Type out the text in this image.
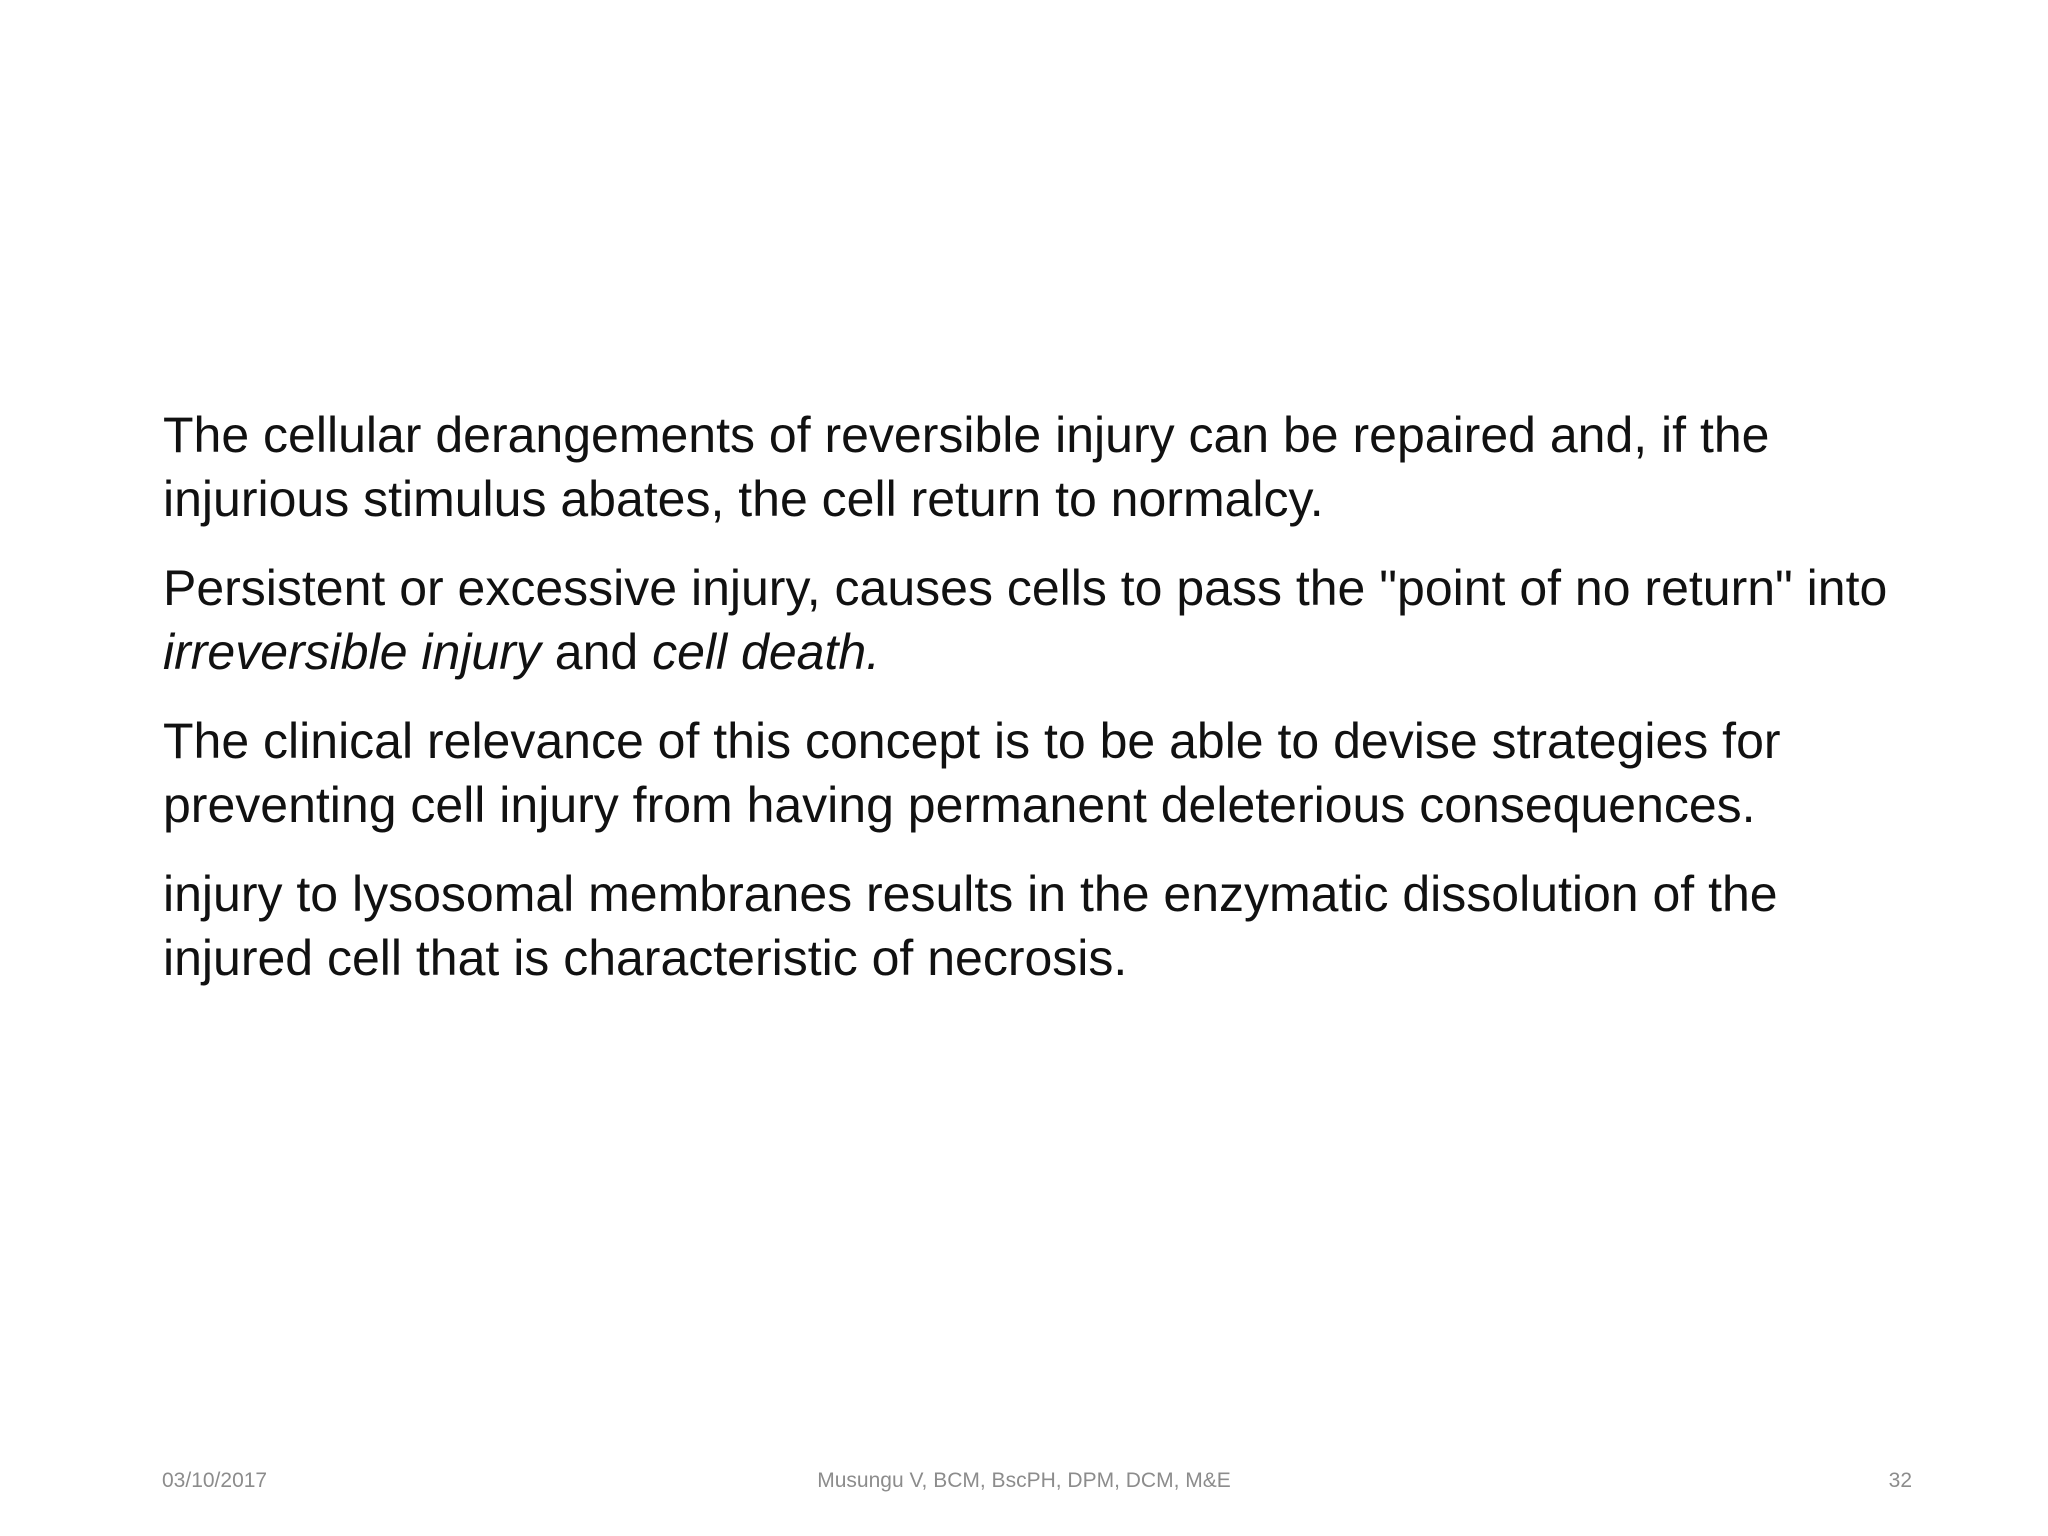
The cellular derangements of reversible injury can be repaired and, if the injurious stimulus abates, the cell return to normalcy.

Persistent or excessive injury, causes cells to pass the "point of no return" into irreversible injury and cell death.

The clinical relevance of this concept is to be able to devise strategies for preventing cell injury from having permanent deleterious consequences.

injury to lysosomal membranes results in the enzymatic dissolution of the injured cell that is characteristic of necrosis.

03/10/2017	Musungu V, BCM, BscPH, DPM, DCM, M&E	32
